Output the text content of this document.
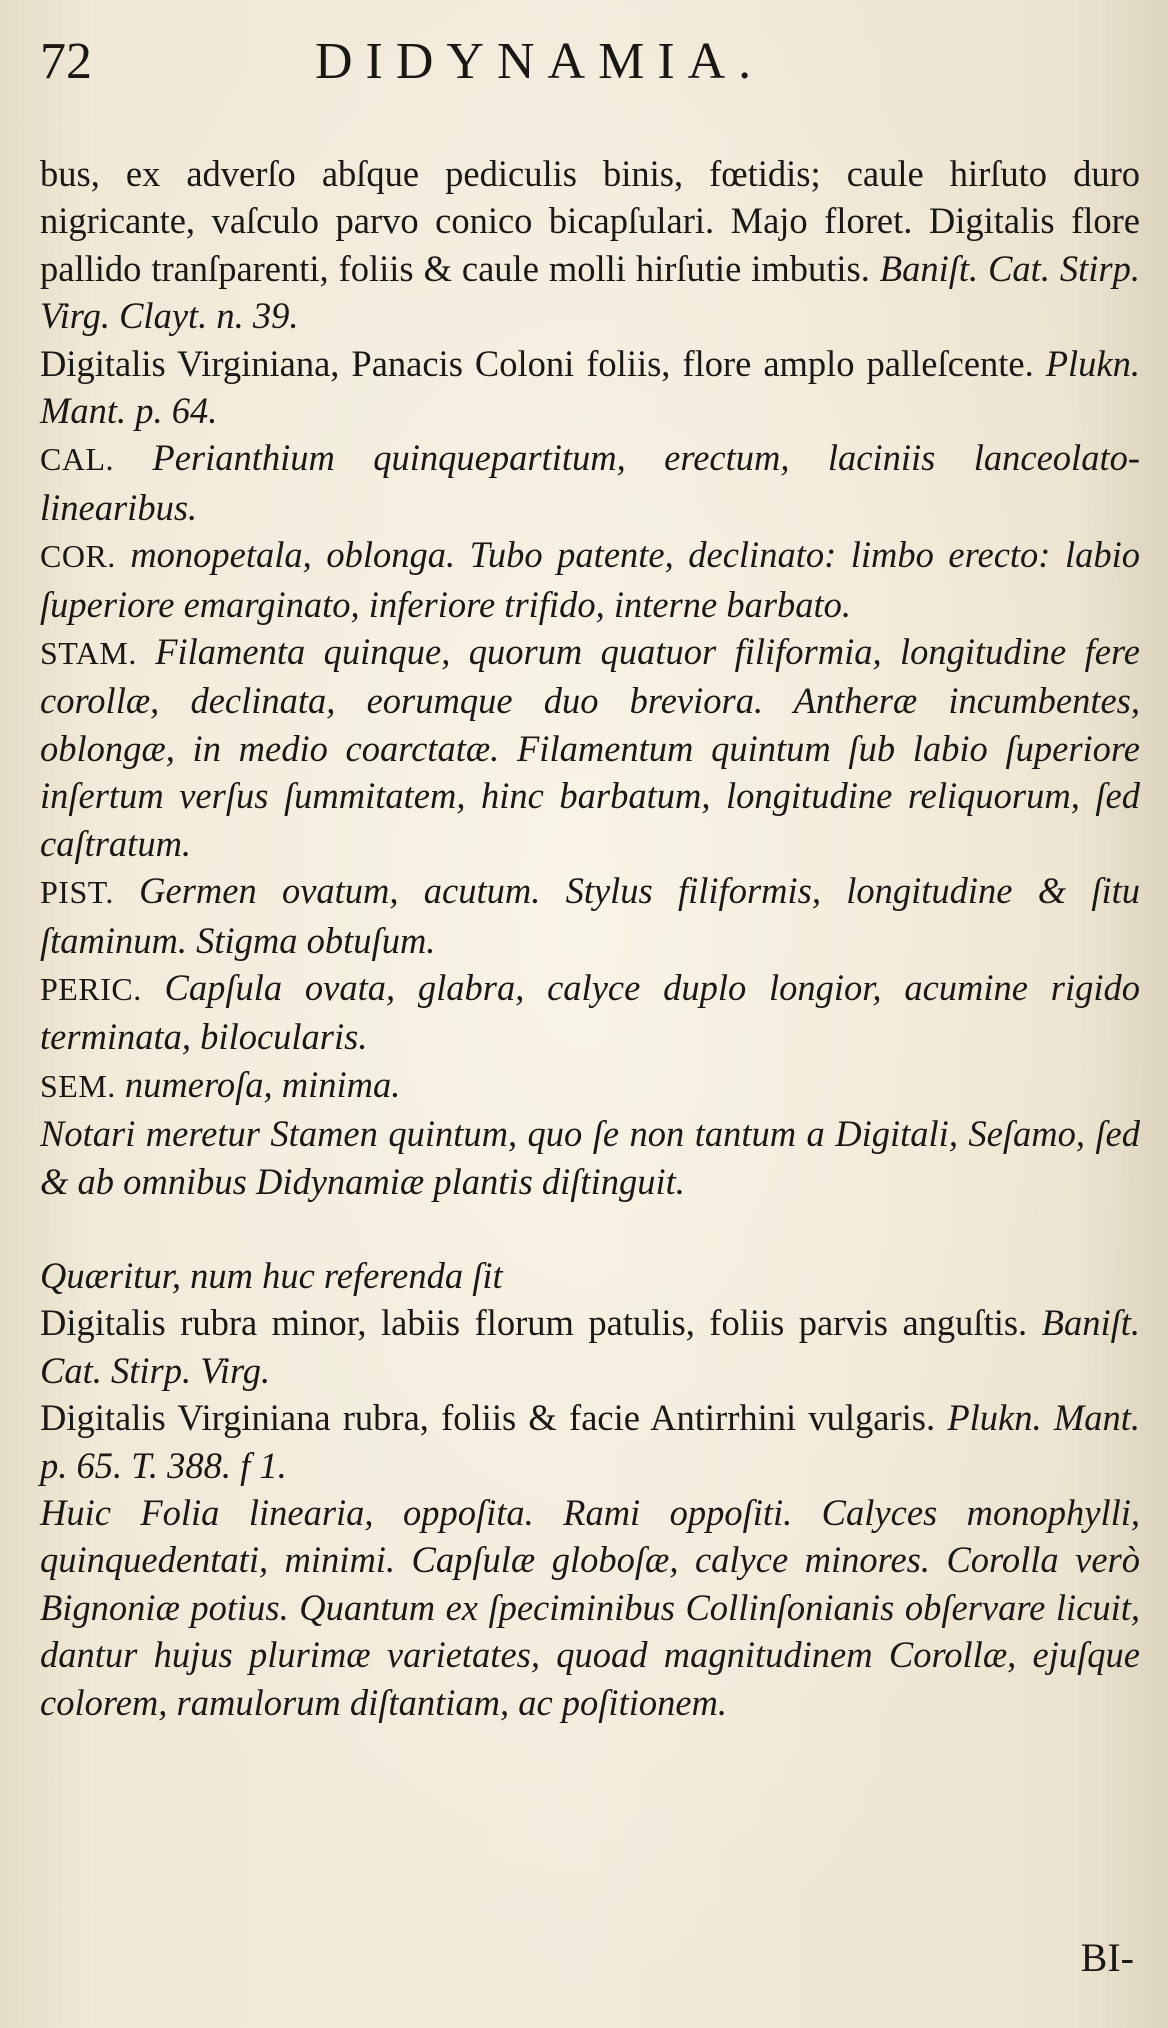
72	DIDYNAMIA.

bus, ex adverſo abſque pediculis binis, fœtidis; caule hirſuto duro nigricante, vaſculo parvo conico bicapſulari. Majo floret. Digitalis flore pallido tranſparenti, foliis & caule molli hirſutie imbutis. Baniſt. Cat. Stirp. Virg. Clayt. n. 39.

Digitalis Virginiana, Panacis Coloni foliis, flore amplo palleſcente. Plukn. Mant. p. 64.

CAL. Perianthium quinquepartitum, erectum, laciniis lanceolato-linearibus.

COR. monopetala, oblonga. Tubo patente, declinato: limbo erecto: labio ſuperiore emarginato, inferiore trifido, interne barbato.

STAM. Filamenta quinque, quorum quatuor filiformia, longitudine fere corollæ, declinata, eorumque duo breviora. Antheræ incumbentes, oblongæ, in medio coarctatæ. Filamentum quintum ſub labio ſuperiore inſertum verſus ſummitatem, hinc barbatum, longitudine reliquorum, ſed caſtratum.

PIST. Germen ovatum, acutum. Stylus filiformis, longitudine & ſitu ſtaminum. Stigma obtuſum.

PERIC. Capſula ovata, glabra, calyce duplo longior, acumine rigido terminata, bilocularis.

SEM. numeroſa, minima.

Notari meretur Stamen quintum, quo ſe non tantum a Digitali, Seſamo, ſed & ab omnibus Didynamiæ plantis diſtinguit.

Quæritur, num huc referenda ſit

Digitalis rubra minor, labiis florum patulis, foliis parvis anguſtis. Baniſt. Cat. Stirp. Virg.

Digitalis Virginiana rubra, foliis & facie Antirrhini vulgaris. Plukn. Mant. p. 65. T. 388. f 1.

Huic Folia linearia, oppoſita. Rami oppoſiti. Calyces monophylli, quinquedentati, minimi. Capſulæ globoſæ, calyce minores. Corolla verò Bignoniæ potius. Quantum ex ſpeciminibus Collinſonianis obſervare licuit, dantur hujus plurimæ varietates, quoad magnitudinem Corollæ, ejuſque colorem, ramulorum diſtantiam, ac poſitionem.

BI-
